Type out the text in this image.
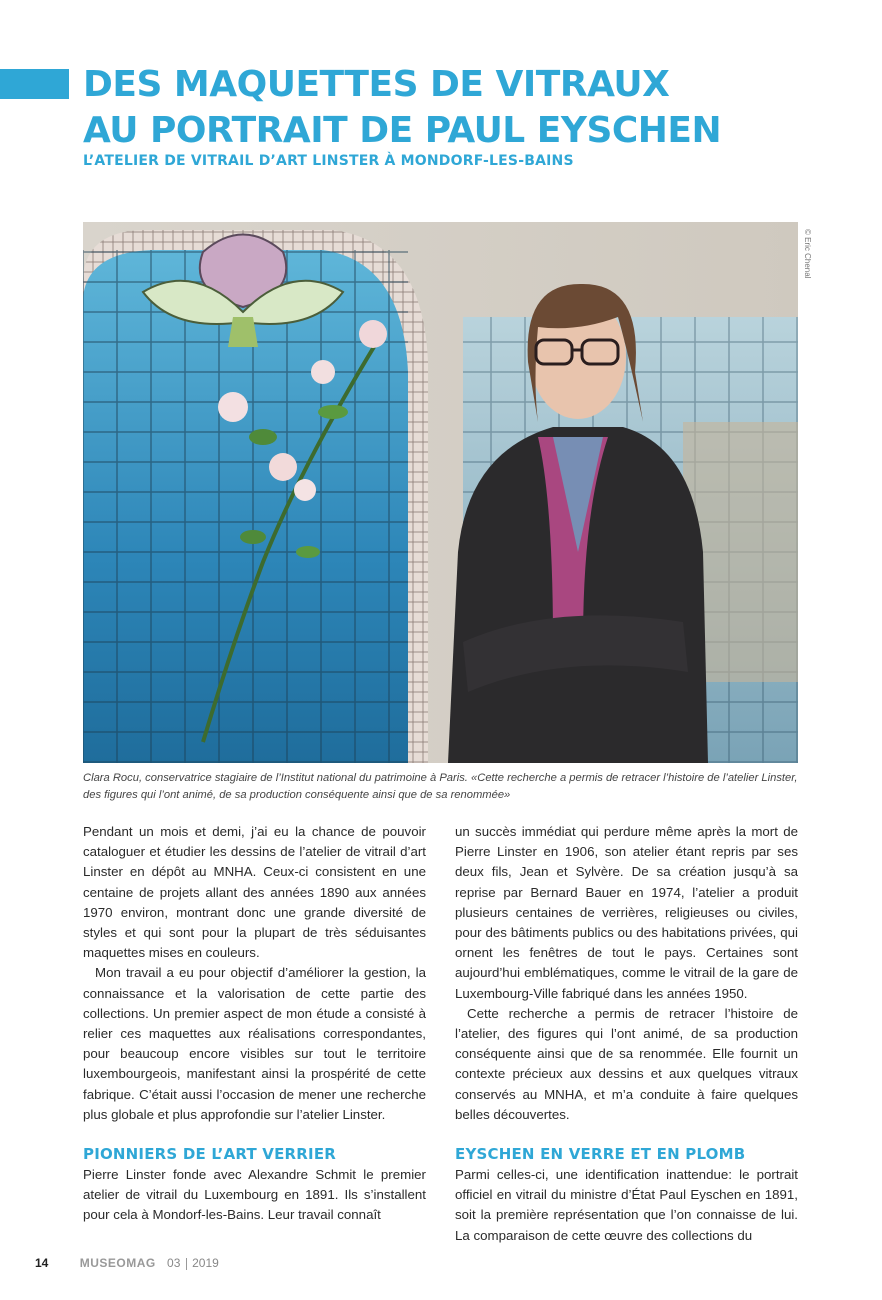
DES MAQUETTES DE VITRAUX
AU PORTRAIT DE PAUL EYSCHEN
L’ATELIER DE VITRAIL D’ART LINSTER À MONDORF-LES-BAINS
© Eric Chenal

Clara Rocu, conservatrice stagiaire de l’Institut national du patrimoine à Paris. «Cette recherche a permis de retracer l’histoire de l’atelier Linster, des figures qui l’ont animé, de sa production conséquente ainsi que de sa renommée»

Pendant un mois et demi, j’ai eu la chance de pouvoir cataloguer et étudier les dessins de l’atelier de vitrail d’art Linster en dépôt au MNHA. Ceux-ci consistent en une centaine de projets allant des années 1890 aux années 1970 environ, montrant donc une grande diversité de styles et qui sont pour la plupart de très séduisantes maquettes mises en couleurs.

Mon travail a eu pour objectif d’améliorer la gestion, la connaissance et la valorisation de cette partie des collections. Un premier aspect de mon étude a consisté à relier ces maquettes aux réalisations correspondantes, pour beaucoup encore visibles sur tout le territoire luxembourgeois, manifestant ainsi la prospérité de cette fabrique. C’était aussi l’occasion de mener une recherche plus globale et plus approfondie sur l’atelier Linster.

PIONNIERS DE L’ART VERRIER

Pierre Linster fonde avec Alexandre Schmit le premier atelier de vitrail du Luxembourg en 1891. Ils s’installent pour cela à Mondorf-les-Bains. Leur travail connaît

un succès immédiat qui perdure même après la mort de Pierre Linster en 1906, son atelier étant repris par ses deux fils, Jean et Sylvère. De sa création jusqu’à sa reprise par Bernard Bauer en 1974, l’atelier a produit plusieurs centaines de verrières, religieuses ou civiles, pour des bâtiments publics ou des habitations privées, qui ornent les fenêtres de tout le pays. Certaines sont aujourd’hui emblématiques, comme le vitrail de la gare de Luxembourg-Ville fabriqué dans les années 1950.

Cette recherche a permis de retracer l’histoire de l’atelier, des figures qui l’ont animé, de sa production conséquente ainsi que de sa renommée. Elle fournit un contexte précieux aux dessins et aux quelques vitraux conservés au MNHA, et m’a conduite à faire quelques belles découvertes.

EYSCHEN EN VERRE ET EN PLOMB

Parmi celles-ci, une identification inattendue: le portrait officiel en vitrail du ministre d’État Paul Eyschen en 1891, soit la première représentation que l’on connaisse de lui. La comparaison de cette œuvre des collections du

14	MUSEOMAG 03 2019
